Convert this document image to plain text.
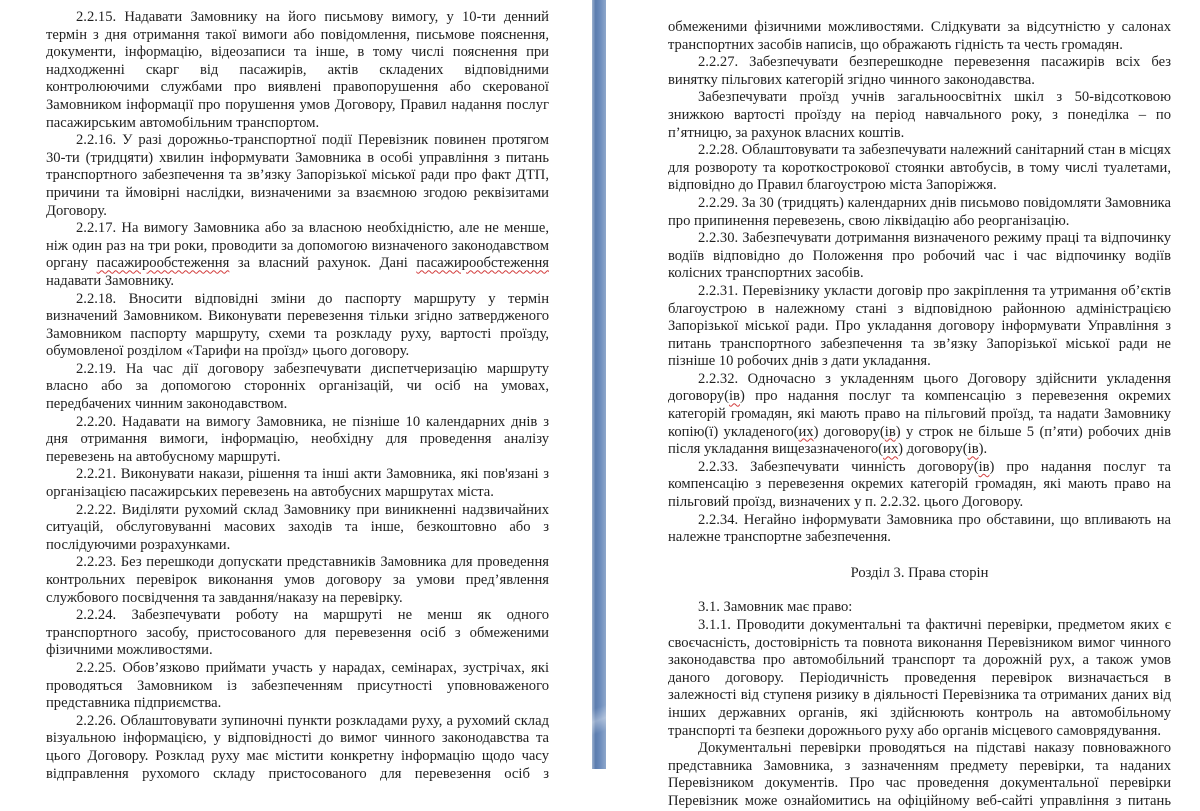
2.2.15. Надавати Замовнику на його письмову вимогу, у 10-ти денний термін з дня отримання такої вимоги або повідомлення, письмове пояснення, документи, інформацію, відеозаписи та інше, в тому числі пояснення при надходженні скарг від пасажирів, актів складених відповідними контролюючими службами про виявлені правопорушення або скерованої Замовником інформації про порушення умов Договору, Правил надання послуг пасажирським автомобільним транспортом.

2.2.16. У разі дорожньо-транспортної події Перевізник повинен протягом 30-ти (тридцяти) хвилин інформувати Замовника в особі управління з питань транспортного забезпечення та зв’язку Запорізької міської ради про факт ДТП, причини та ймовірні наслідки, визначеними за взаємною згодою реквізитами Договору.

2.2.17. На вимогу Замовника або за власною необхідністю, але не менше, ніж один раз на три роки, проводити за допомогою визначеного законодавством органу пасажирообстеження за власний рахунок. Дані пасажирообстеження надавати Замовнику.

2.2.18. Вносити відповідні зміни до паспорту маршруту у термін визначений Замовником. Виконувати перевезення тільки згідно затвердженого Замовником паспорту маршруту, схеми та розкладу руху, вартості проїзду, обумовленої розділом «Тарифи на проїзд» цього договору.

2.2.19. На час дії договору забезпечувати диспетчеризацію маршруту власно або за допомогою сторонніх організацій, чи осіб на умовах, передбачених чинним законодавством.

2.2.20. Надавати на вимогу Замовника, не пізніше 10 календарних днів з дня отримання вимоги, інформацію, необхідну для проведення аналізу перевезень на автобусному маршруті.

2.2.21. Виконувати накази, рішення та інші акти Замовника, які пов'язані з організацією пасажирських перевезень на автобусних маршрутах міста.

2.2.22. Виділяти рухомий склад Замовнику при виникненні надзвичайних ситуацій, обслуговуванні масових заходів та інше, безкоштовно або з послідуючими розрахунками.

2.2.23. Без перешкоди допускати представників Замовника для проведення контрольних перевірок виконання умов договору за умови пред’явлення службового посвідчення та завдання/наказу на перевірку.

2.2.24. Забезпечувати роботу на маршруті не менш як одного транспортного засобу, пристосованого для перевезення осіб з обмеженими фізичними можливостями.

2.2.25. Обов’язково приймати участь у нарадах, семінарах, зустрічах, які проводяться Замовником із забезпеченням присутності уповноваженого представника підприємства.

2.2.26. Облаштовувати зупиночні пункти розкладами руху, а рухомий склад візуальною інформацією, у відповідності до вимог чинного законодавства та цього Договору. Розклад руху має містити конкретну інформацію щодо часу відправлення рухомого складу пристосованого для перевезення осіб з

обмеженими фізичними можливостями. Слідкувати за відсутністю у салонах транспортних засобів написів, що ображають гідність та честь громадян.

2.2.27. Забезпечувати безперешкодне перевезення пасажирів всіх без винятку пільгових категорій згідно чинного законодавства.

Забезпечувати проїзд учнів загальноосвітніх шкіл з 50-відсотковою знижкою вартості проїзду на період навчального року, з понеділка – по п’ятницю, за рахунок власних коштів.

2.2.28. Облаштовувати та забезпечувати належний санітарний стан в місцях для розвороту та короткострокової стоянки автобусів, в тому числі туалетами, відповідно до Правил благоустрою міста Запоріжжя.

2.2.29. За 30 (тридцять) календарних днів письмово повідомляти Замовника про припинення перевезень, свою ліквідацію або реорганізацію.

2.2.30. Забезпечувати дотримання визначеного режиму праці та відпочинку водіїв відповідно до Положення про робочий час і час відпочинку водіїв колісних транспортних засобів.

2.2.31. Перевізнику укласти договір про закріплення та утримання об’єктів благоустрою в належному стані з відповідною районною адміністрацією Запорізької міської ради. Про укладання договору інформувати Управління з питань транспортного забезпечення та зв’язку Запорізької міської ради не пізніше 10 робочих днів з дати укладання.

2.2.32. Одночасно з укладенням цього Договору здійснити укладення договору(ів) про надання послуг та компенсацію з перевезення окремих категорій громадян, які мають право на пільговий проїзд, та надати Замовнику копію(ї) укладеного(их) договору(ів) у строк не більше 5 (п’яти) робочих днів після укладання вищезазначеного(их) договору(ів).

2.2.33. Забезпечувати чинність договору(ів) про надання послуг та компенсацію з перевезення окремих категорій громадян, які мають право на пільговий проїзд, визначених у п. 2.2.32. цього Договору.

2.2.34. Негайно інформувати Замовника про обставини, що впливають на належне транспортне забезпечення.

Розділ 3. Права сторін

3.1. Замовник має право:

3.1.1. Проводити документальні та фактичні перевірки, предметом яких є своєчасність, достовірність та повнота виконання Перевізником вимог чинного законодавства про автомобільний транспорт та дорожній рух, а також умов даного договору. Періодичність проведення перевірок визначається в залежності від ступеня ризику в діяльності Перевізника та отриманих даних від інших державних органів, які здійснюють контроль на автомобільному транспорті та безпеки дорожнього руху або органів місцевого самоврядування.

Документальні перевірки проводяться на підставі наказу повноважного представника Замовника, з зазначенням предмету перевірки, та наданих Перевізником документів. Про час проведення документальної перевірки Перевізник може ознайомитись на офіційному веб-сайті управління з питань
